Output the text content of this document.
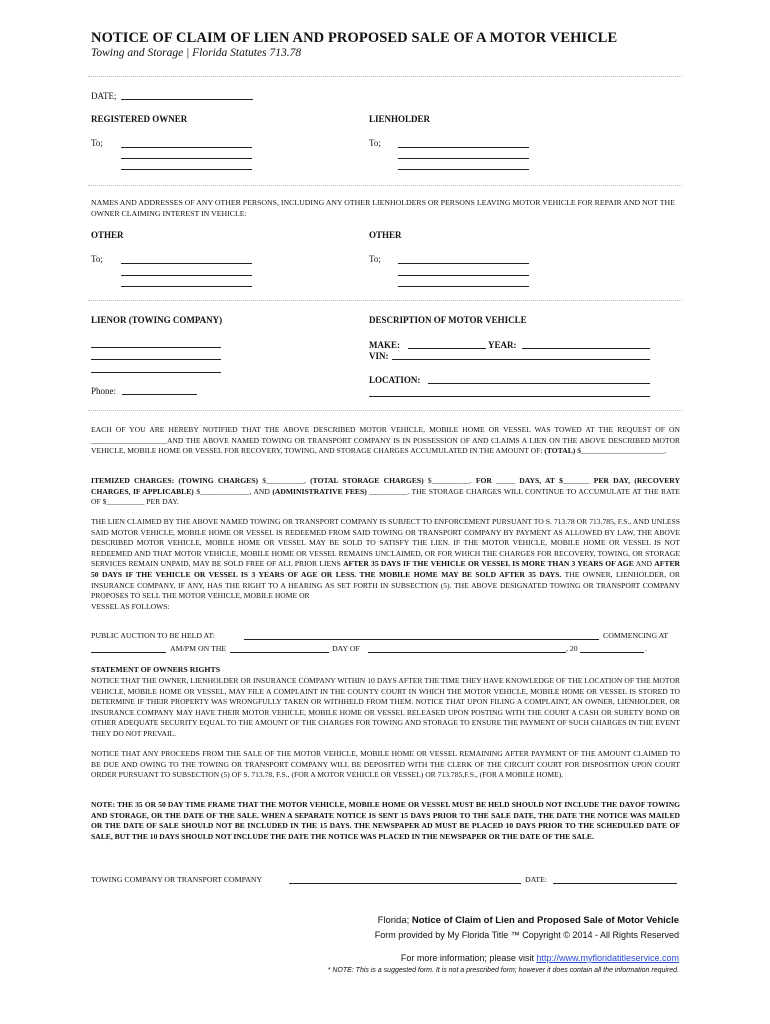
NOTICE OF CLAIM OF LIEN AND PROPOSED SALE OF A MOTOR VEHICLE
Towing and Storage | Florida Statutes 713.78
DATE;
REGISTERED OWNER	LIENHOLDER
To;	To;
NAMES AND ADDRESSES OF ANY OTHER PERSONS, INCLUDING ANY OTHER LIENHOLDERS OR PERSONS LEAVING MOTOR VEHICLE FOR REPAIR AND NOT THE OWNER CLAIMING INTEREST IN VEHICLE:
OTHER	OTHER
To;	To;
LIENOR (TOWING COMPANY)	DESCRIPTION OF MOTOR VEHICLE
Phone:
MAKE:	YEAR:
VIN:
LOCATION:
EACH OF YOU ARE HEREBY NOTIFIED THAT THE ABOVE DESCRIBED MOTOR VEHICLE, MOBILE HOME OR VESSEL WAS TOWED AT THE REQUEST OF ON ____________________AND THE ABOVE NAMED TOWING OR TRANSPORT COMPANY IS IN POSSESSION OF AND CLAIMS A LIEN ON THE ABOVE DESCRIBED MOTOR VEHICLE, MOBILE HOME OR VESSEL FOR RECOVERY, TOWING, AND STORAGE CHARGES ACCUMULATED IN THE AMOUNT OF: (TOTAL) $______________________.
ITEMIZED CHARGES: (TOWING CHARGES) $__________, (TOTAL STORAGE CHARGES) $__________. FOR _____ DAYS, AT $_______ PER DAY, (RECOVERY CHARGES, IF APPLICABLE) $_____________, AND (ADMINISTRATIVE FEES) __________. THE STORAGE CHARGES WILL CONTINUE TO ACCUMULATE AT THE RATE OF $__________ PER DAY.
THE LIEN CLAIMED BY THE ABOVE NAMED TOWING OR TRANSPORT COMPANY IS SUBJECT TO ENFORCEMENT PURSUANT TO S. 713.78 OR 713.785, F.S., AND UNLESS SAID MOTOR VEHICLE, MOBILE HOME OR VESSEL IS REDEEMED FROM SAID TOWING OR TRANSPORT COMPANY BY PAYMENT AS ALLOWED BY LAW, THE ABOVE DESCRIBED MOTOR VEHICLE, MOBILE HOME OR VESSEL MAY BE SOLD TO SATISFY THE LIEN. IF THE MOTOR VEHICLE, MOBILE HOME OR VESSEL IS NOT REDEEMED AND THAT MOTOR VEHICLE, MOBILE HOME OR VESSEL REMAINS UNCLAIMED, OR FOR WHICH THE CHARGES FOR RECOVERY, TOWING, OR STORAGE SERVICES REMAIN UNPAID, MAY BE SOLD FREE OF ALL PRIOR LIENS AFTER 35 DAYS IF THE VEHICLE OR VESSEL IS MORE THAN 3 YEARS OF AGE AND AFTER 50 DAYS IF THE VEHICLE OR VESSEL IS 3 YEARS OF AGE OR LESS. THE MOBILE HOME MAY BE SOLD AFTER 35 DAYS. THE OWNER, LIENHOLDER, OR INSURANCE COMPANY, IF ANY, HAS THE RIGHT TO A HEARING AS SET FORTH IN SUBSECTION (5). THE ABOVE DESIGNATED TOWING OR TRANSPORT COMPANY PROPOSES TO SELL THE MOTOR VEHICLE, MOBILE HOME OR
VESSEL AS FOLLOWS:
PUBLIC AUCTION TO BE HELD AT:	COMMENCING AT
AM/PM ON THE	DAY OF	, 20	.
STATEMENT OF OWNERS RIGHTS
NOTICE THAT THE OWNER, LIENHOLDER OR INSURANCE COMPANY WITHIN 10 DAYS AFTER THE TIME THEY HAVE KNOWLEDGE OF THE LOCATION OF THE MOTOR VEHICLE, MOBILE HOME OR VESSEL, MAY FILE A COMPLAINT IN THE COUNTY COURT IN WHICH THE MOTOR VEHICLE, MOBILE HOME OR VESSEL IS STORED TO DETERMINE IF THEIR PROPERTY WAS WRONGFULLY TAKEN OR WITHHELD FROM THEM. NOTICE THAT UPON FILING A COMPLAINT, AN OWNER, LIENHOLDER, OR INSURANCE COMPANY MAY HAVE THEIR MOTOR VEHICLE, MOBILE HOME OR VESSEL RELEASED UPON POSTING WITH THE COURT A CASH OR SURETY BOND OR OTHER ADEQUATE SECURITY EQUAL TO THE AMOUNT OF THE CHARGES FOR TOWING AND STORAGE TO ENSURE THE PAYMENT OF SUCH CHARGES IN THE EVENT THEY DO NOT PREVAIL.
NOTICE THAT ANY PROCEEDS FROM THE SALE OF THE MOTOR VEHICLE, MOBILE HOME OR VESSEL REMAINING AFTER PAYMENT OF THE AMOUNT CLAIMED TO BE DUE AND OWING TO THE TOWING OR TRANSPORT COMPANY WILL BE DEPOSITED WITH THE CLERK OF THE CIRCUIT COURT FOR DISPOSITION UPON COURT ORDER PURSUANT TO SUBSECTION (5) OF S. 713.78, F.S., (FOR A MOTOR VEHICLE OR VESSEL) OR 713.785,F.S., (FOR A MOBILE HOME).
NOTE: THE 35 OR 50 DAY TIME FRAME THAT THE MOTOR VEHICLE, MOBILE HOME OR VESSEL MUST BE HELD SHOULD NOT INCLUDE THE DAYOF TOWING AND STORAGE, OR THE DATE OF THE SALE. WHEN A SEPARATE NOTICE IS SENT 15 DAYS PRIOR TO THE SALE DATE, THE DATE THE NOTICE WAS MAILED OR THE DATE OF SALE SHOULD NOT BE INCLUDED IN THE 15 DAYS. THE NEWSPAPER AD MUST BE PLACED 10 DAYS PRIOR TO THE SCHEDULED DATE OF SALE, BUT THE 10 DAYS SHOULD NOT INCLUDE THE DATE THE NOTICE WAS PLACED IN THE NEWSPAPER OR THE DATE OF THE SALE.
TOWING COMPANY OR TRANSPORT COMPANY	DATE:
Florida; Notice of Claim of Lien and Proposed Sale of Motor Vehicle
Form provided by My Florida Title ™ Copyright © 2014 - All Rights Reserved
For more information; please visit http://www.myfloridatitleservice.com
* NOTE: This is a suggested form. It is not a prescribed form; however it does contain all the information required.
